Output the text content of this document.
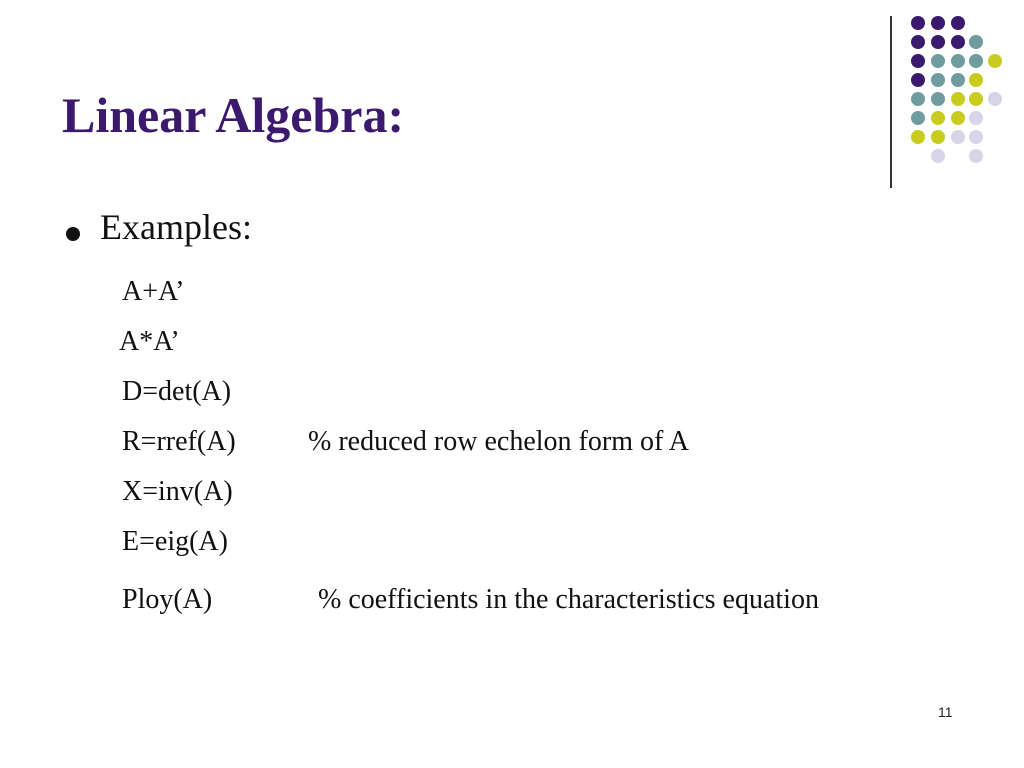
Linear Algebra:
Examples:
A+A’
A*A’
D=det(A)
R=rref(A)	% reduced row echelon form of A
X=inv(A)
E=eig(A)
Ploy(A)	% coefficients in the characteristics equation
11
